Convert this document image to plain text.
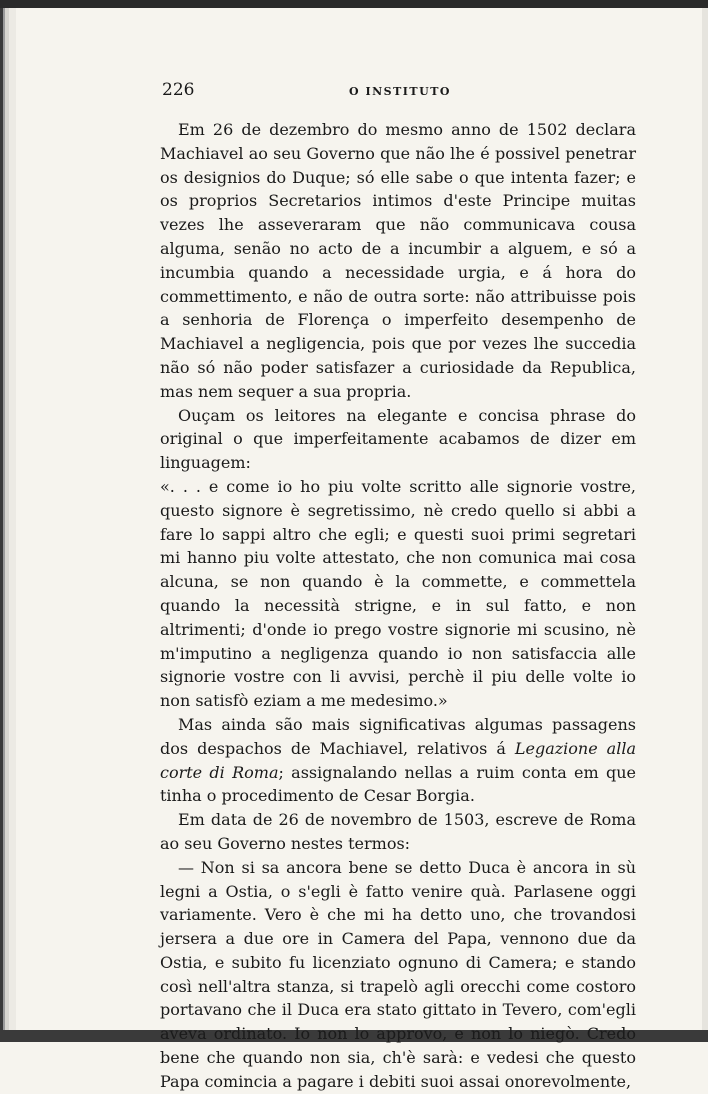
226	O INSTITUTO

Em 26 de dezembro do mesmo anno de 1502 declara Machiavel ao seu Governo que não lhe é possivel penetrar os designios do Duque; só elle sabe o que intenta fazer; e os proprios Secretarios intimos d'este Principe muitas vezes lhe asseveraram que não communicava cousa alguma, senão no acto de a incumbir a alguem, e só a incumbia quando a necessidade urgia, e á hora do commettimento, e não de outra sorte: não attribuisse pois a senhoria de Florença o imperfeito desempenho de Machiavel a negligencia, pois que por vezes lhe succedia não só não poder satisfazer a curiosidade da Republica, mas nem sequer a sua propria.

Ouçam os leitores na elegante e concisa phrase do original o que imperfeitamente acabamos de dizer em linguagem:

«. . . e come io ho piu volte scritto alle signorie vostre, questo signore è segretissimo, nè credo quello si abbi a fare lo sappi altro che egli; e questi suoi primi segretari mi hanno piu volte attestato, che non comunica mai cosa alcuna, se non quando è la commette, e commettela quando la necessità strigne, e in sul fatto, e non altrimenti; d'onde io prego vostre signorie mi scusino, nè m'imputino a negligenza quando io non satisfaccia alle signorie vostre con li avvisi, perchè il piu delle volte io non satisfò eziam a me medesimo.»

Mas ainda são mais significativas algumas passagens dos despachos de Machiavel, relativos á Legazione alla corte di Roma; assignalando nellas a ruim conta em que tinha o procedimento de Cesar Borgia.

Em data de 26 de novembro de 1503, escreve de Roma ao seu Governo nestes termos:

— Non si sa ancora bene se detto Duca è ancora in sù legni a Ostia, o s'egli è fatto venire quà. Parlasene oggi variamente. Vero è che mi ha detto uno, che trovandosi jersera a due ore in Camera del Papa, vennono due da Ostia, e subito fu licenziato ognuno di Camera; e stando così nell'altra stanza, si trapelò agli orecchi come costoro portavano che il Duca era stato gittato in Tevero, com'egli aveva ordinato. Io non lo approvo, e non lo niegò. Credo bene che quando non sia, ch'è sarà: e vedesi che questo Papa comincia a pagare i debiti suoi assai onorevolmente,
